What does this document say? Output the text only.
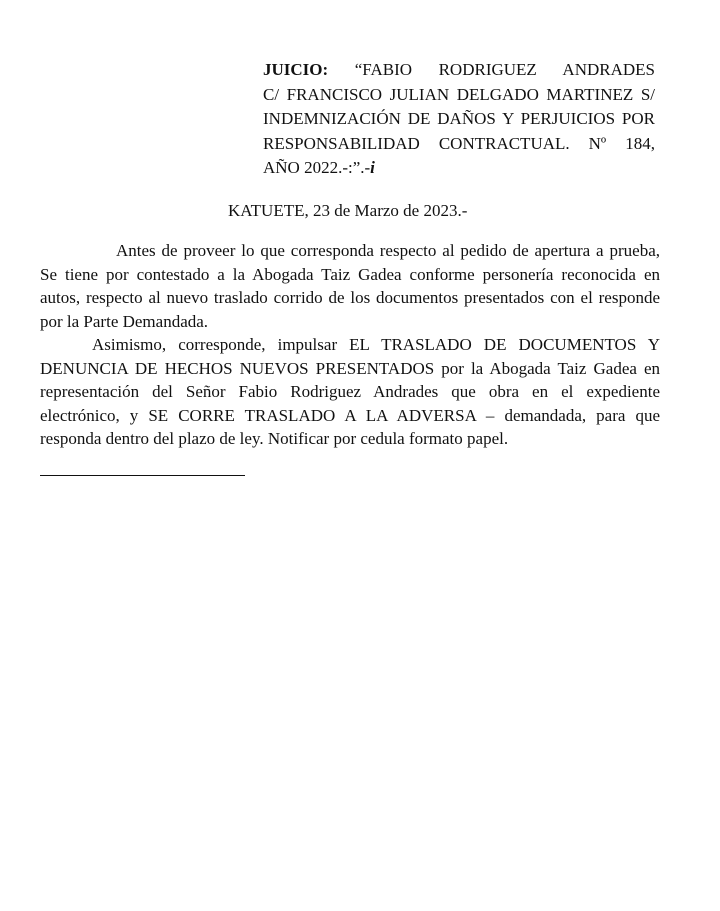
JUICIO: “FABIO RODRIGUEZ ANDRADES
C/ FRANCISCO JULIAN DELGADO MARTINEZ S/
INDEMNIZACIÓN DE DAÑOS Y PERJUICIOS POR
RESPONSABILIDAD CONTRACTUAL. Nº 184,
AÑO 2022.-:”.-i
KATUETE, 23 de Marzo de 2023.-
Antes de proveer lo que corresponda respecto al pedido de apertura a prueba,
Se tiene por contestado a la Abogada Taiz Gadea conforme personería reconocida en
autos, respecto al nuevo traslado corrido de los documentos presentados con el responde
por la Parte Demandada.
Asimismo, corresponde, impulsar EL TRASLADO DE DOCUMENTOS Y
DENUNCIA DE HECHOS NUEVOS PRESENTADOS por la Abogada Taiz Gadea en
representación del Señor Fabio Rodriguez Andrades que obra en el expediente
electrónico, y SE CORRE TRASLADO A LA ADVERSA – demandada, para que
responda dentro del plazo de ley. Notificar por cedula formato papel.
